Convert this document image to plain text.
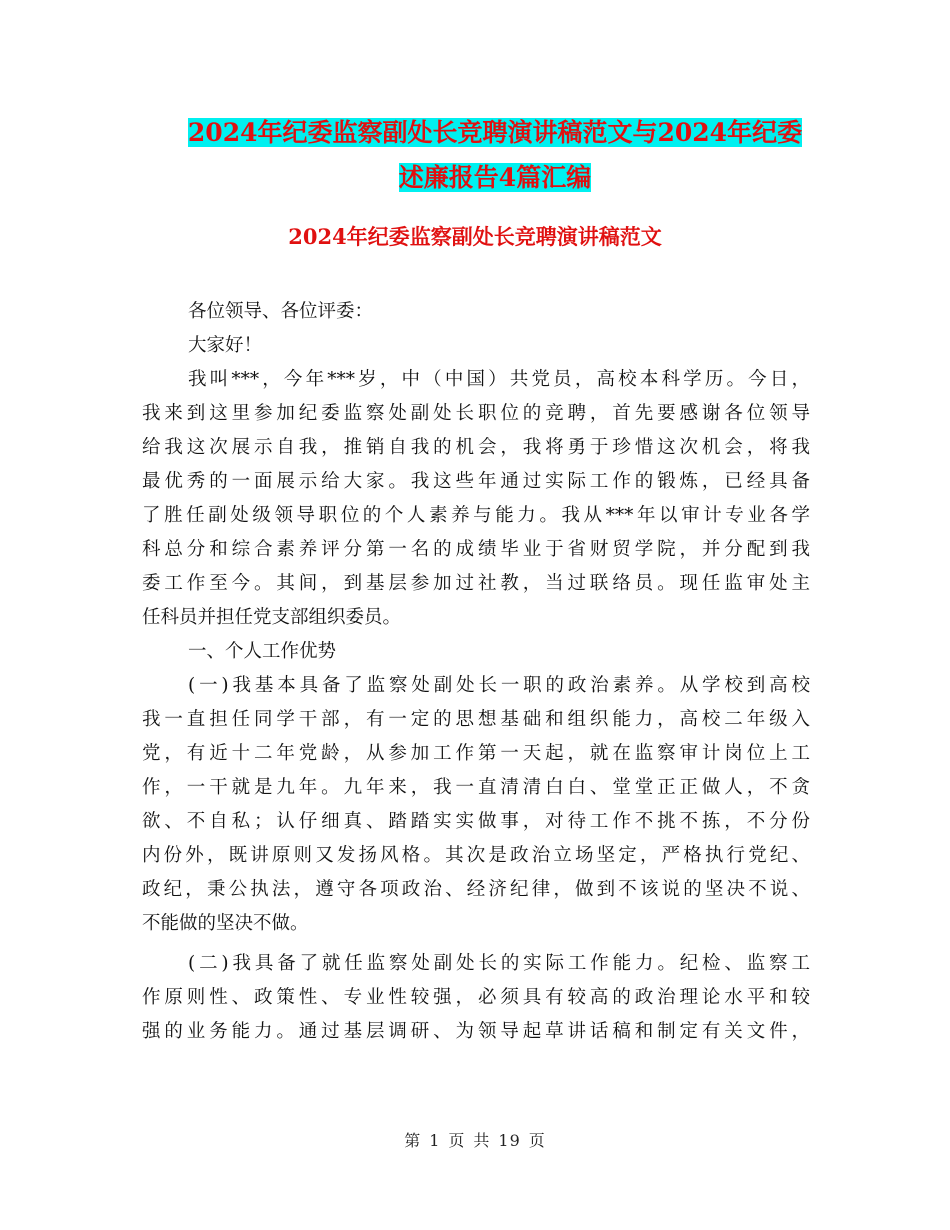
2024年纪委监察副处长竞聘演讲稿范文与2024年纪委
述廉报告4篇汇编
2024年纪委监察副处长竞聘演讲稿范文
各位领导、各位评委：
大家好！
我叫***，今年***岁，中（中国）共党员，高校本科学历。今日，
我来到这里参加纪委监察处副处长职位的竞聘，首先要感谢各位领导
给我这次展示自我，推销自我的机会，我将勇于珍惜这次机会，将我
最优秀的一面展示给大家。我这些年通过实际工作的锻炼，已经具备
了胜任副处级领导职位的个人素养与能力。我从***年以审计专业各学
科总分和综合素养评分第一名的成绩毕业于省财贸学院，并分配到我
委工作至今。其间，到基层参加过社教，当过联络员。现任监审处主
任科员并担任党支部组织委员。
一、个人工作优势
(一)我基本具备了监察处副处长一职的政治素养。从学校到高校
我一直担任同学干部，有一定的思想基础和组织能力，高校二年级入
党，有近十二年党龄，从参加工作第一天起，就在监察审计岗位上工
作，一干就是九年。九年来，我一直清清白白、堂堂正正做人，不贪
欲、不自私；认仔细真、踏踏实实做事，对待工作不挑不拣，不分份
内份外，既讲原则又发扬风格。其次是政治立场坚定，严格执行党纪、
政纪，秉公执法，遵守各项政治、经济纪律，做到不该说的坚决不说、
不能做的坚决不做。
(二)我具备了就任监察处副处长的实际工作能力。纪检、监察工
作原则性、政策性、专业性较强，必须具有较高的政治理论水平和较
强的业务能力。通过基层调研、为领导起草讲话稿和制定有关文件，
第 1 页 共 19 页
